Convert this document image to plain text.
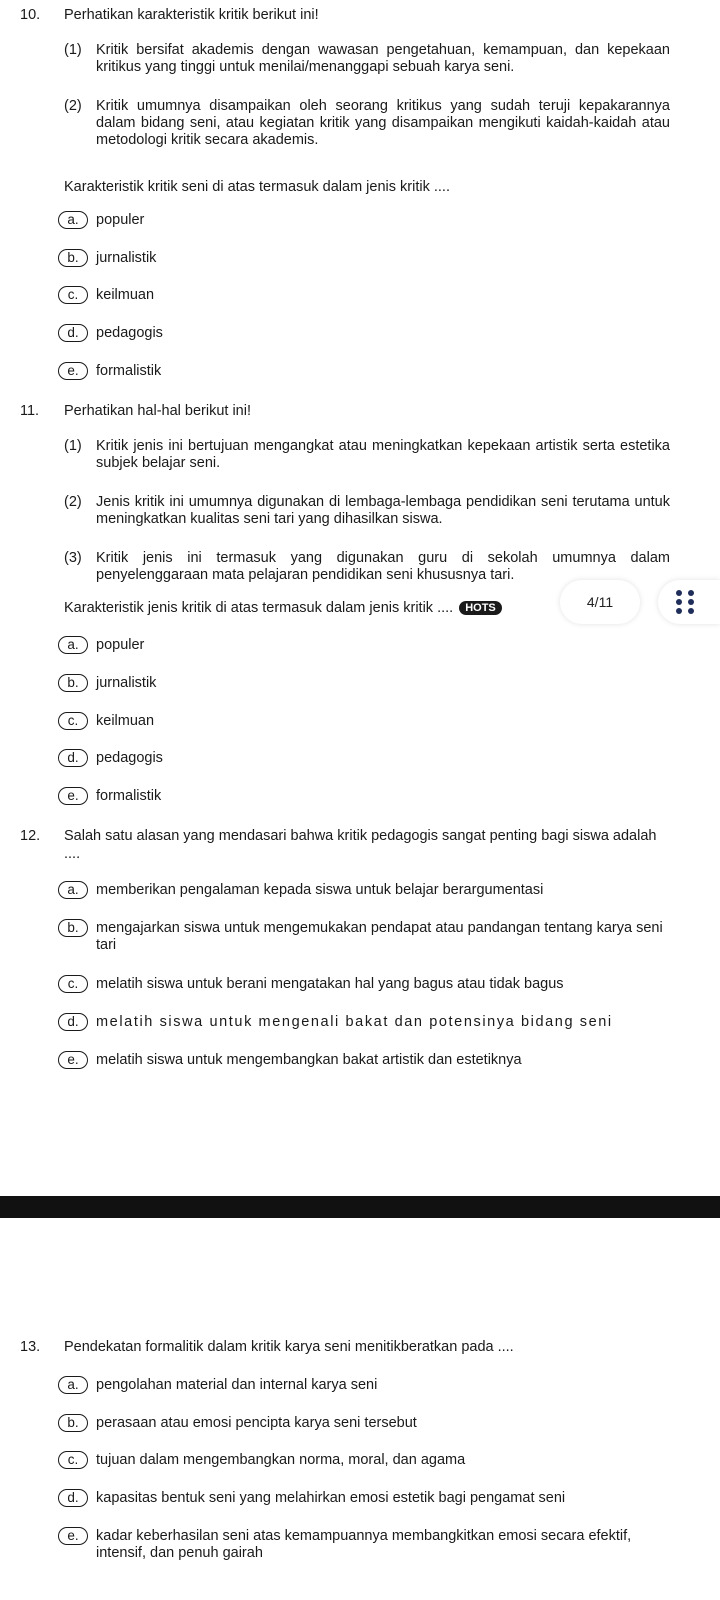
10. Perhatikan karakteristik kritik berikut ini!
(1) Kritik bersifat akademis dengan wawasan pengetahuan, kemampuan, dan kepekaan kritikus yang tinggi untuk menilai/menanggapi sebuah karya seni.
(2) Kritik umumnya disampaikan oleh seorang kritikus yang sudah teruji kepakarannya dalam bidang seni, atau kegiatan kritik yang disampaikan mengikuti kaidah-kaidah atau metodologi kritik secara akademis.
Karakteristik kritik seni di atas termasuk dalam jenis kritik ....
a.	populer
b.	jurnalistik
c.	keilmuan
d.	pedagogis
e.	formalistik
11. Perhatikan hal-hal berikut ini!
(1) Kritik jenis ini bertujuan mengangkat atau meningkatkan kepekaan artistik serta estetika subjek belajar seni.
(2) Jenis kritik ini umumnya digunakan di lembaga-lembaga pendidikan seni terutama untuk meningkatkan kualitas seni tari yang dihasilkan siswa.
(3) Kritik jenis ini termasuk yang digunakan guru di sekolah umumnya dalam penyelenggaraan mata pelajaran pendidikan seni khususnya tari.
Karakteristik jenis kritik di atas termasuk dalam jenis kritik .... HOTS
a.	populer
b.	jurnalistik
c.	keilmuan
d.	pedagogis
e.	formalistik
12. Salah satu alasan yang mendasari bahwa kritik pedagogis sangat penting bagi siswa adalah ....
a.	memberikan pengalaman kepada siswa untuk belajar berargumentasi
b.	mengajarkan siswa untuk mengemukakan pendapat atau pandangan tentang karya seni tari
c.	melatih siswa untuk berani mengatakan hal yang bagus atau tidak bagus
d.	melatih siswa untuk mengenali bakat dan potensinya bidang seni
e.	melatih siswa untuk mengembangkan bakat artistik dan estetiknya
13. Pendekatan formalitik dalam kritik karya seni menitikberatkan pada ....
a.	pengolahan material dan internal karya seni
b.	perasaan atau emosi pencipta karya seni tersebut
c.	tujuan dalam mengembangkan norma, moral, dan agama
d.	kapasitas bentuk seni yang melahirkan emosi estetik bagi pengamat seni
e.	kadar keberhasilan seni atas kemampuannya membangkitkan emosi secara efektif, intensif, dan penuh gairah
4/11
